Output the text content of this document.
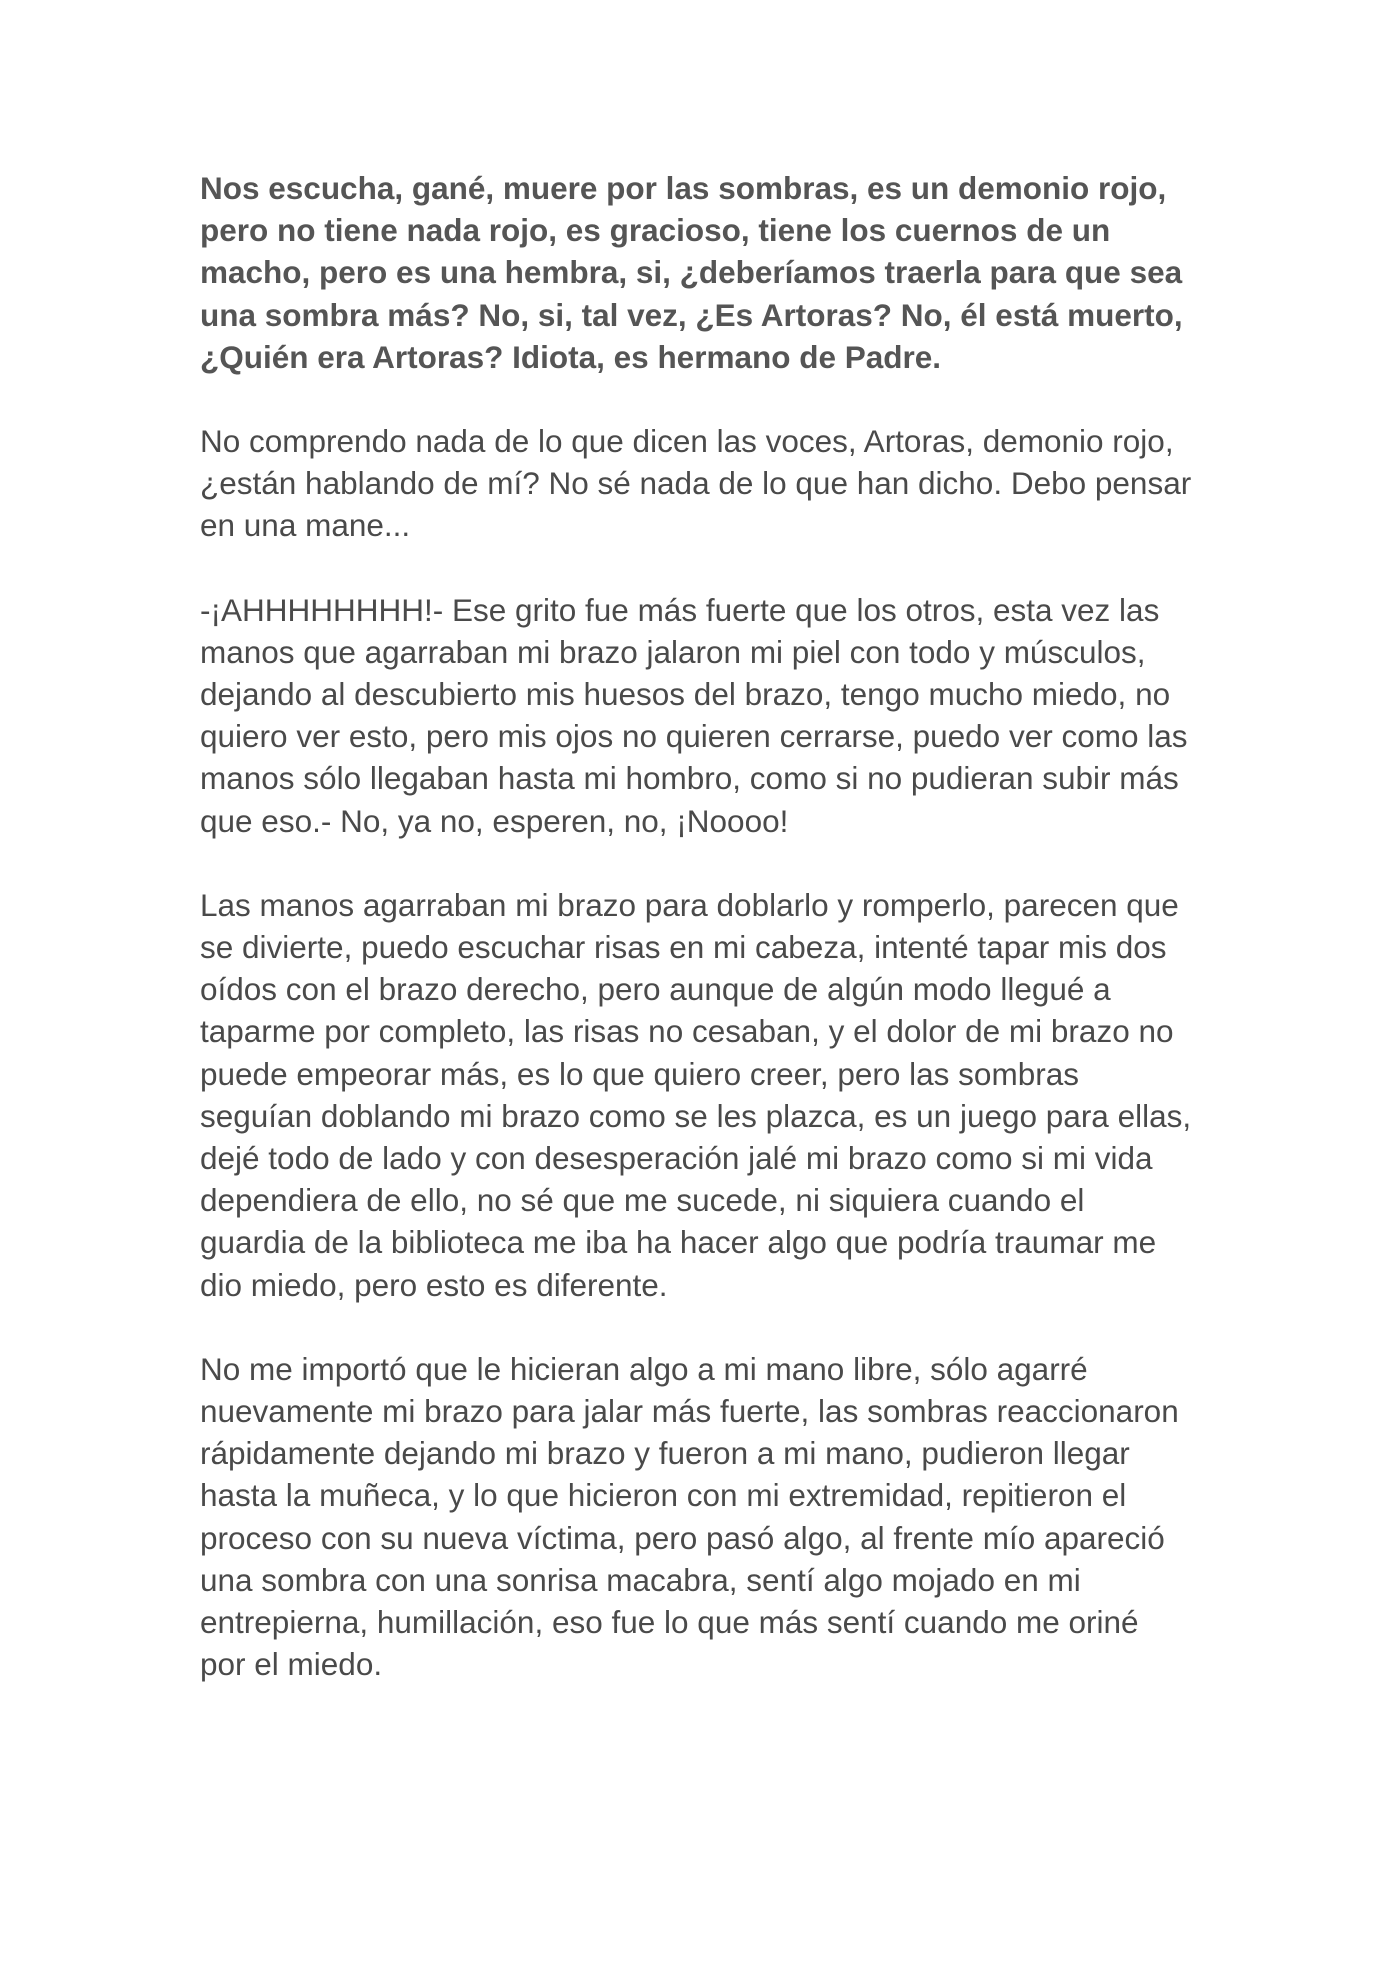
Nos escucha, gané, muere por las sombras, es un demonio rojo,
pero no tiene nada rojo, es gracioso, tiene los cuernos de un
macho, pero es una hembra, si, ¿deberíamos traerla para que sea
una sombra más? No, si, tal vez, ¿Es Artoras? No, él está muerto,
¿Quién era Artoras? Idiota, es hermano de Padre.

No comprendo nada de lo que dicen las voces, Artoras, demonio rojo,
¿están hablando de mí? No sé nada de lo que han dicho. Debo pensar
en una mane...

-¡AHHHHHHHH!- Ese grito fue más fuerte que los otros, esta vez las
manos que agarraban mi brazo jalaron mi piel con todo y músculos,
dejando al descubierto mis huesos del brazo, tengo mucho miedo, no
quiero ver esto, pero mis ojos no quieren cerrarse, puedo ver como las
manos sólo llegaban hasta mi hombro, como si no pudieran subir más
que eso.- No, ya no, esperen, no, ¡Noooo!

Las manos agarraban mi brazo para doblarlo y romperlo, parecen que
se divierte, puedo escuchar risas en mi cabeza, intenté tapar mis dos
oídos con el brazo derecho, pero aunque de algún modo llegué a
taparme por completo, las risas no cesaban, y el dolor de mi brazo no
puede empeorar más, es lo que quiero creer, pero las sombras
seguían doblando mi brazo como se les plazca, es un juego para ellas,
dejé todo de lado y con desesperación jalé mi brazo como si mi vida
dependiera de ello, no sé que me sucede, ni siquiera cuando el
guardia de la biblioteca me iba ha hacer algo que podría traumar me
dio miedo, pero esto es diferente.

No me importó que le hicieran algo a mi mano libre, sólo agarré
nuevamente mi brazo para jalar más fuerte, las sombras reaccionaron
rápidamente dejando mi brazo y fueron a mi mano, pudieron llegar
hasta la muñeca, y lo que hicieron con mi extremidad, repitieron el
proceso con su nueva víctima, pero pasó algo, al frente mío apareció
una sombra con una sonrisa macabra, sentí algo mojado en mi
entrepierna, humillación, eso fue lo que más sentí cuando me oriné
por el miedo.
